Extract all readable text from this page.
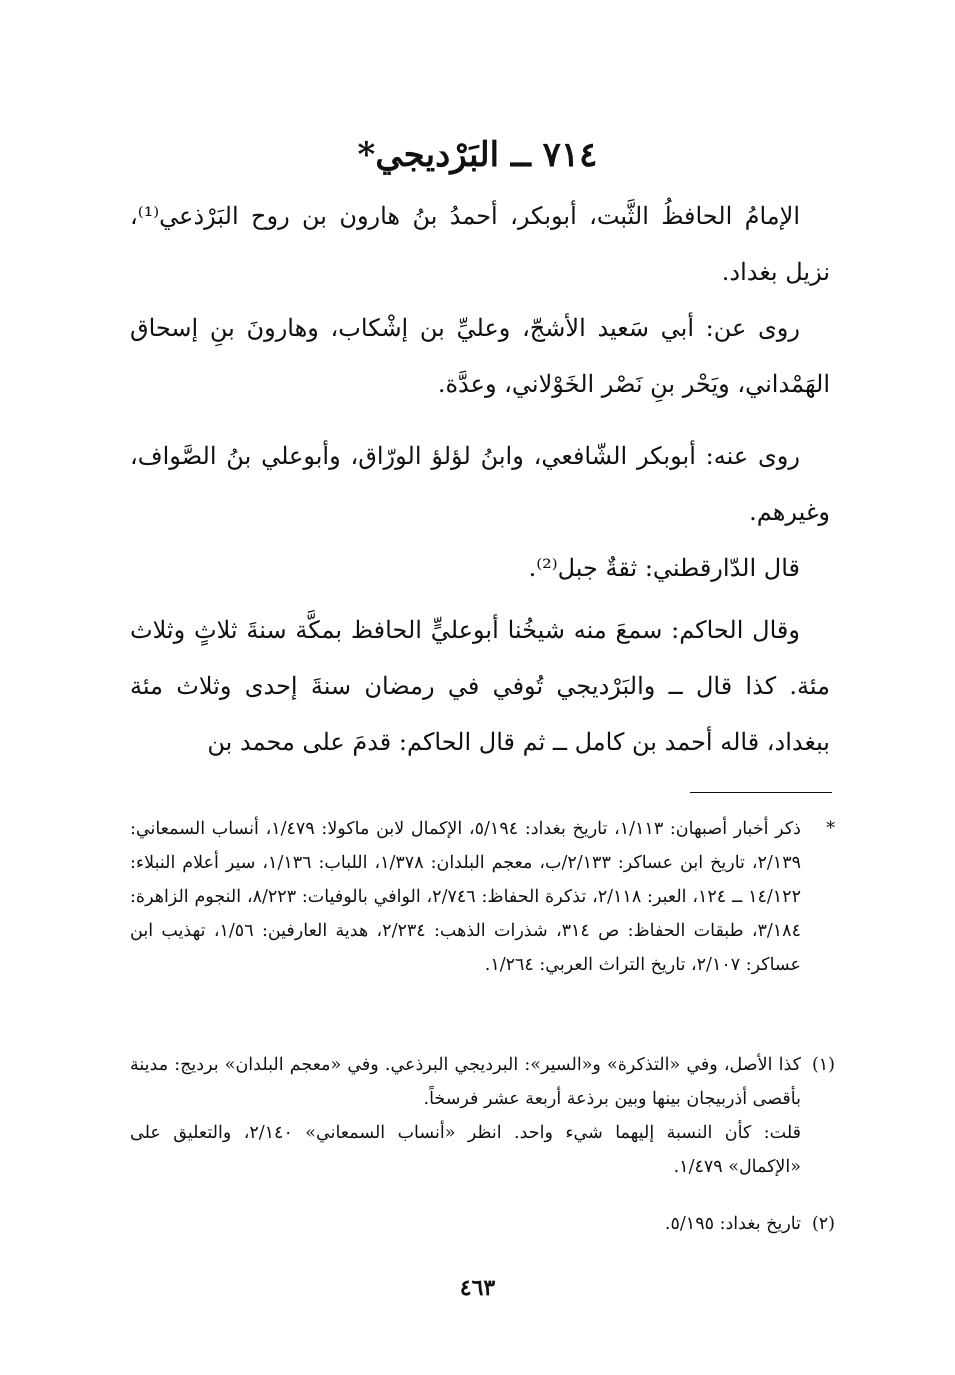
٧١٤ ــ البَرْديجي*
الإمامُ الحافظُ الثَّبت، أبوبكر، أحمدُ بنُ هارون بن روح البَرْذعي⁽¹⁾، نزيل بغداد.
روى عن: أبي سَعيد الأشجّ، وعليِّ بن إشْكاب، وهارونَ بنِ إسحاق الهَمْداني، ويَحْر بنِ نَصْر الخَوْلاني، وعدَّة.
روى عنه: أبوبكر الشّافعي، وابنُ لؤلؤ الورّاق، وأبوعلي بنُ الصَّواف، وغيرهم.
قال الدّارقطني: ثقةٌ جبل⁽²⁾.
وقال الحاكم: سمعَ منه شيخُنا أبوعليٍّ الحافظ بمكَّة سنةَ ثلاثٍ وثلاث مئة. كذا قال ــ والبَرْديجي تُوفي في رمضان سنةَ إحدى وثلاث مئة ببغداد، قاله أحمد بن كامل ــ ثم قال الحاكم: قدمَ على محمد بن
*
ذكر أخبار أصبهان: ١/١١٣، تاريخ بغداد: ٥/١٩٤، الإكمال لابن ماكولا: ١/٤٧٩، أنساب السمعاني: ٢/١٣٩، تاريخ ابن عساكر: ٢/١٣٣/ب، معجم البلدان: ١/٣٧٨، اللباب: ١/١٣٦، سير أعلام النبلاء: ١٤/١٢٢ ــ ١٢٤، العبر: ٢/١١٨، تذكرة الحفاظ: ٢/٧٤٦، الوافي بالوفيات: ٨/٢٢٣، النجوم الزاهرة: ٣/١٨٤، طبقات الحفاظ: ص ٣١٤، شذرات الذهب: ٢/٢٣٤، هدية العارفين: ١/٥٦، تهذيب ابن عساكر: ٢/١٠٧، تاريخ التراث العربي: ١/٢٦٤.
(١)
كذا الأصل، وفي «التذكرة» و«السير»: البرديجي البرذعي. وفي «معجم البلدان» برديج: مدينة بأقصى أذربيجان بينها وبين برذعة أربعة عشر فرسخاً.
قلت: كأن النسبة إليهما شيء واحد. انظر «أنساب السمعاني» ٢/١٤٠، والتعليق على «الإكمال» ١/٤٧٩.
(٢)
تاريخ بغداد: ٥/١٩٥.
٤٦٣
